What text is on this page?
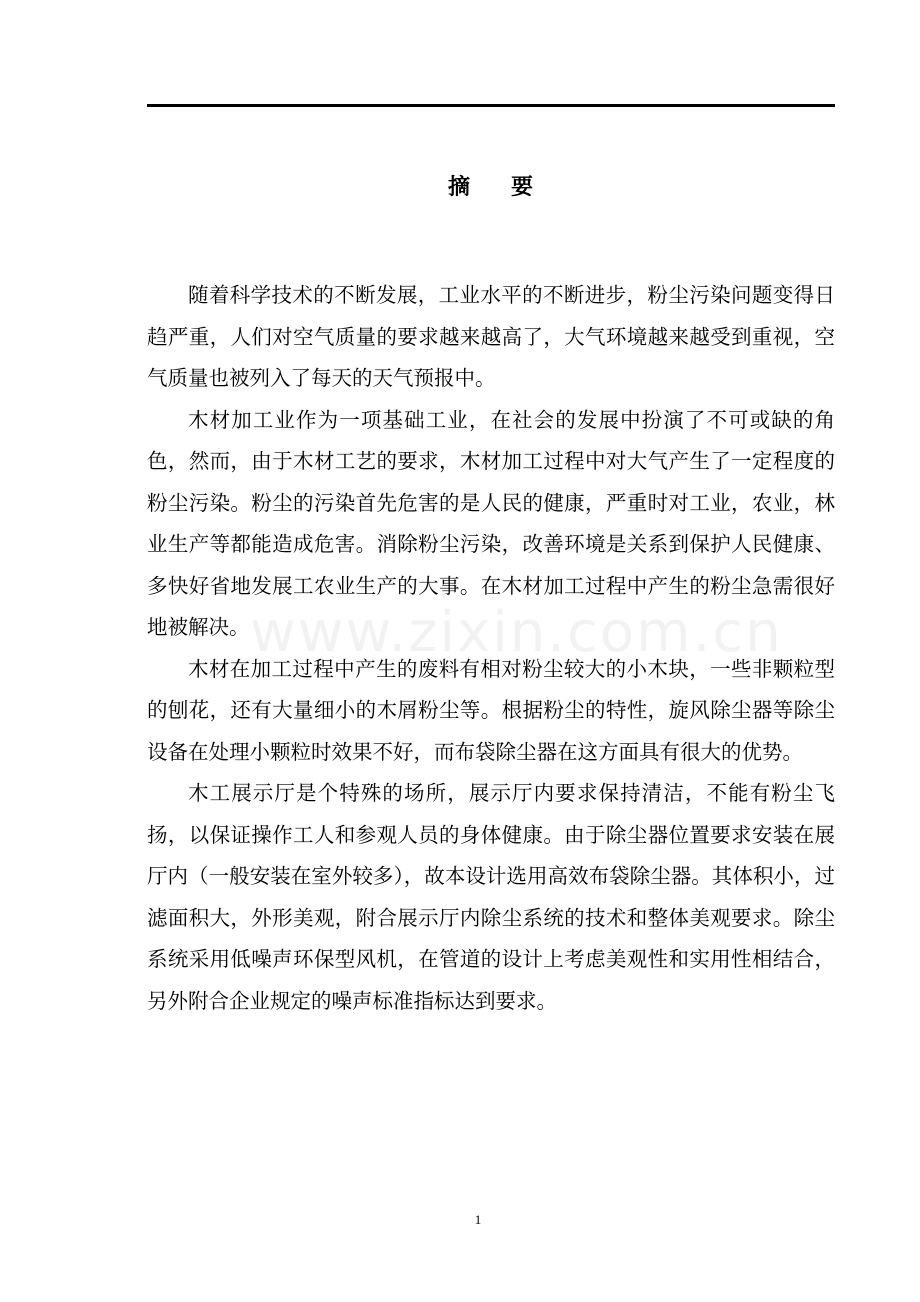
摘 要
www.zixin.com.cn

随着科学技术的不断发展，工业水平的不断进步，粉尘污染问题变得日趋严重，人们对空气质量的要求越来越高了，大气环境越来越受到重视，空气质量也被列入了每天的天气预报中。

木材加工业作为一项基础工业，在社会的发展中扮演了不可或缺的角色，然而，由于木材工艺的要求，木材加工过程中对大气产生了一定程度的粉尘污染。粉尘的污染首先危害的是人民的健康，严重时对工业，农业，林业生产等都能造成危害。消除粉尘污染，改善环境是关系到保护人民健康、多快好省地发展工农业生产的大事。在木材加工过程中产生的粉尘急需很好地被解决。

木材在加工过程中产生的废料有相对粉尘较大的小木块，一些非颗粒型的刨花，还有大量细小的木屑粉尘等。根据粉尘的特性，旋风除尘器等除尘设备在处理小颗粒时效果不好，而布袋除尘器在这方面具有很大的优势。

木工展示厅是个特殊的场所，展示厅内要求保持清洁，不能有粉尘飞扬，以保证操作工人和参观人员的身体健康。由于除尘器位置要求安装在展厅内（一般安装在室外较多），故本设计选用高效布袋除尘器。其体积小，过滤面积大，外形美观，附合展示厅内除尘系统的技术和整体美观要求。除尘系统采用低噪声环保型风机，在管道的设计上考虑美观性和实用性相结合，另外附合企业规定的噪声标准指标达到要求。

1
